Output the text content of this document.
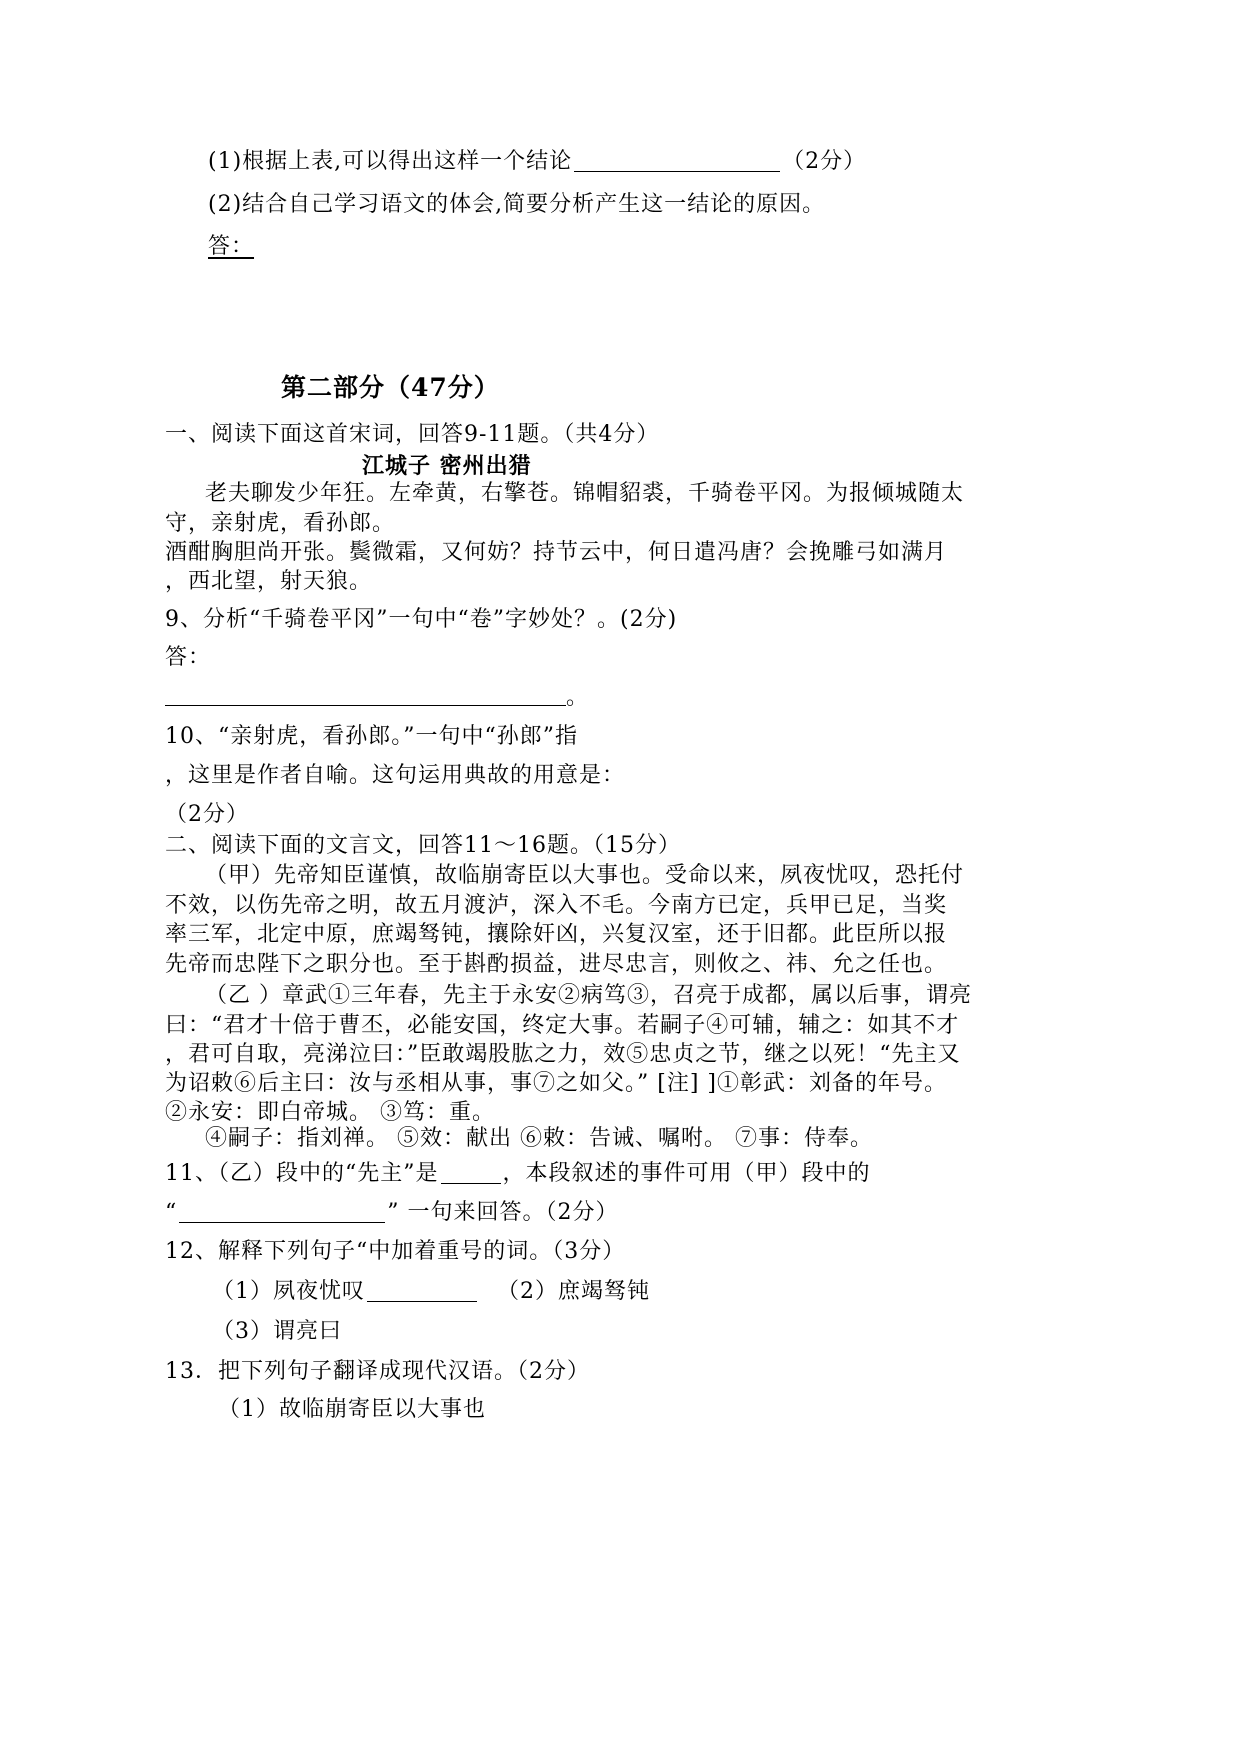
(1)根据上表,可以得出这样一个结论	（2分）
(2)结合自己学习语文的体会,简要分析产生这一结论的原因。
答：
第二部分（47分）
一、阅读下面这首宋词，回答9-11题。（共4分）
江城子 密州出猎
老夫聊发少年狂。左牵黄，右擎苍。锦帽貂裘，千骑卷平冈。为报倾城随太
守，亲射虎，看孙郎。
酒酣胸胆尚开张。鬓微霜，又何妨？持节云中，何日遣冯唐？会挽雕弓如满月
，西北望，射天狼。
9、分析“千骑卷平冈”一句中“卷”字妙处？。(2分)
答：
。
10、“亲射虎，看孙郎。”一句中“孙郎”指
，这里是作者自喻。这句运用典故的用意是：
（2分）
二、阅读下面的文言文，回答11～16题。（15分）
（甲）先帝知臣谨慎，故临崩寄臣以大事也。受命以来，夙夜忧叹，恐托付
不效，以伤先帝之明，故五月渡泸，深入不毛。今南方已定，兵甲已足，当奖
率三军，北定中原，庶竭驽钝，攘除奸凶，兴复汉室，还于旧都。此臣所以报
先帝而忠陛下之职分也。至于斟酌损益，进尽忠言，则攸之、祎、允之任也。
（乙 ）章武①三年春，先主于永安②病笃③，召亮于成都，属以后事，谓亮
曰：“君才十倍于曹丕，必能安国，终定大事。若嗣子④可辅，辅之：如其不才
，君可自取，亮涕泣曰：”臣敢竭股肱之力，效⑤忠贞之节，继之以死！“先主又
为诏敕⑥后主曰：汝与丞相从事，事⑦之如父。” [注] ]①彰武：刘备的年号。
②永安：即白帝城。 ③笃：重。
④嗣子：指刘禅。 ⑤效：献出 ⑥敕：告诫、嘱咐。 ⑦事：侍奉。
11、（乙）段中的“先主”是	，本段叙述的事件可用（甲）段中的
“	” 一句来回答。（2分）
12、解释下列句子“中加着重号的词。（3分）
（1）夙夜忧叹	（2）庶竭驽钝
（3）谓亮曰
13．把下列句子翻译成现代汉语。（2分）
（1）故临崩寄臣以大事也
